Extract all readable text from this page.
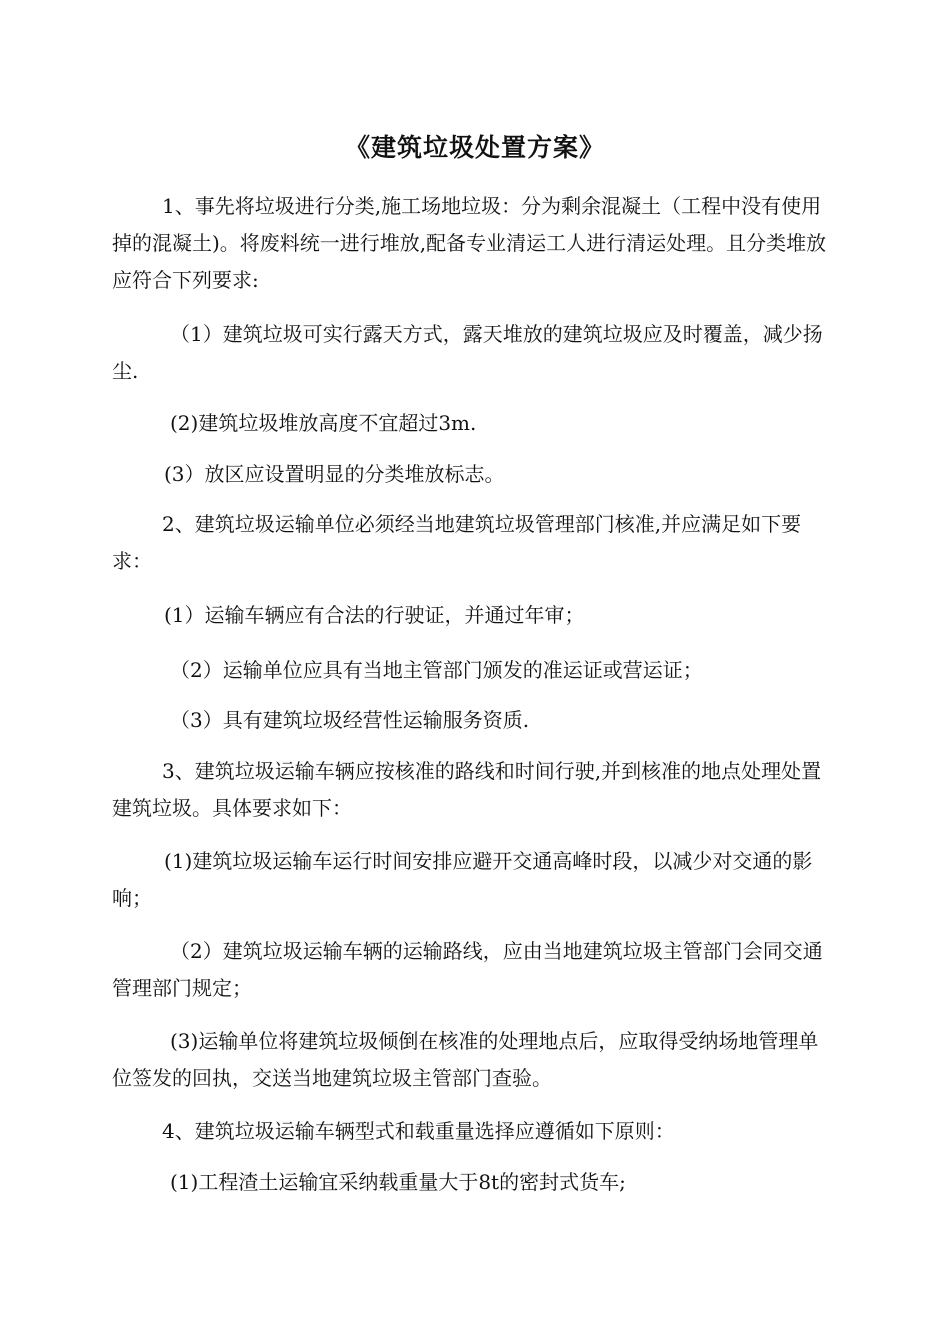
《建筑垃圾处置方案》

1、事先将垃圾进行分类,施工场地垃圾：分为剩余混凝土（工程中没有使用掉的混凝土)。将废料统一进行堆放,配备专业清运工人进行清运处理。且分类堆放应符合下列要求:

（1）建筑垃圾可实行露天方式，露天堆放的建筑垃圾应及时覆盖，减少扬尘.

(2)建筑垃圾堆放高度不宜超过3m.

(3）放区应设置明显的分类堆放标志。

2、建筑垃圾运输单位必须经当地建筑垃圾管理部门核准,并应满足如下要求：

(1）运输车辆应有合法的行驶证，并通过年审；

（2）运输单位应具有当地主管部门颁发的准运证或营运证；

（3）具有建筑垃圾经营性运输服务资质.

3、建筑垃圾运输车辆应按核准的路线和时间行驶,并到核准的地点处理处置建筑垃圾。具体要求如下：

(1)建筑垃圾运输车运行时间安排应避开交通高峰时段，以减少对交通的影响；

（2）建筑垃圾运输车辆的运输路线，应由当地建筑垃圾主管部门会同交通管理部门规定；

(3)运输单位将建筑垃圾倾倒在核准的处理地点后，应取得受纳场地管理单位签发的回执，交送当地建筑垃圾主管部门查验。

4、建筑垃圾运输车辆型式和载重量选择应遵循如下原则：

(1)工程渣土运输宜采纳载重量大于8t的密封式货车;
